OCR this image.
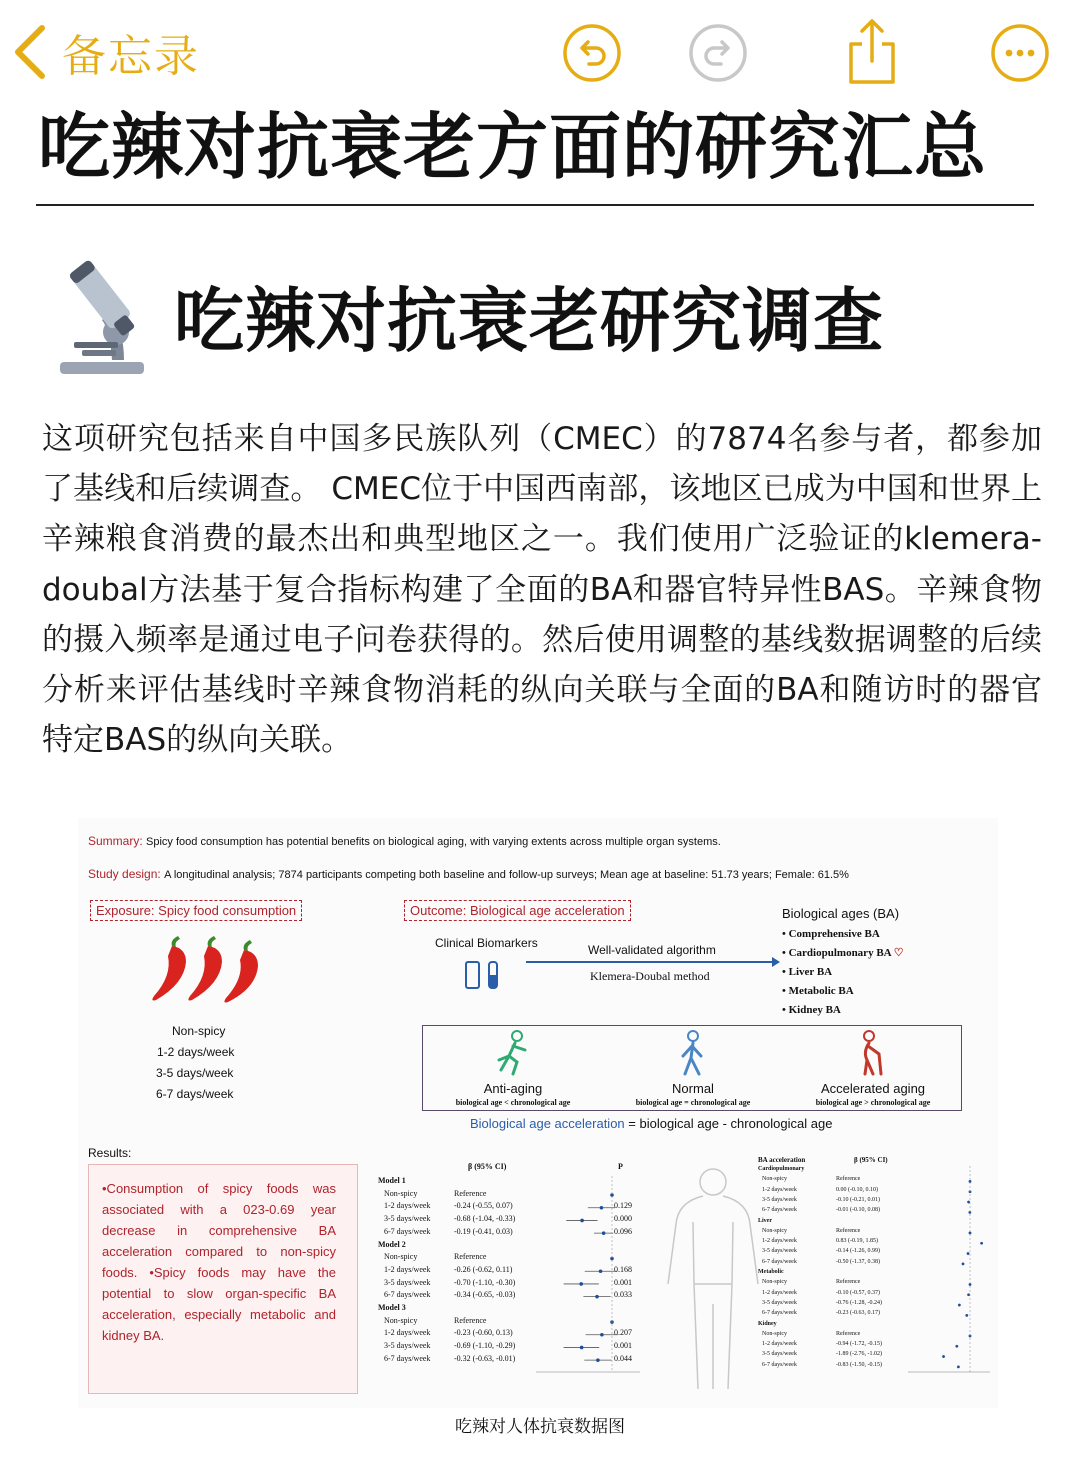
备忘录
吃辣对抗衰老方面的研究汇总
吃辣对抗衰老研究调查
这项研究包括来自中国多民族队列（CMEC）的7874名参与者，都参加了基线和后续调查。 CMEC位于中国西南部，该地区已成为中国和世界上辛辣粮食消费的最杰出和典型地区之一。我们使用广泛验证的klemera-doubal方法基于复合指标构建了全面的BA和器官特异性BAS。辛辣食物的摄入频率是通过电子问卷获得的。然后使用调整的基线数据调整的后续分析来评估基线时辛辣食物消耗的纵向关联与全面的BA和随访时的器官特定BAS的纵向关联。
Summary: Spicy food consumption has potential benefits on biological aging, with varying extents across multiple organ systems.
Study design: A longitudinal analysis; 7874 participants competing both baseline and follow-up surveys; Mean age at baseline: 51.73 years; Female: 61.5%
Exposure: Spicy food consumption	Outcome: Biological age acceleration
Non-spicy
1-2 days/week
3-5 days/week
6-7 days/week
Clinical Biomarkers	Well-validated algorithm
Klemera-Doubal method
Biological ages (BA)
• Comprehensive BA
• Cardiopulmonary BA ♡
• Liver BA
• Metabolic BA
• Kidney BA
Anti-aging
biological age < chronological age
Normal
biological age = chronological age
Accelerated aging
biological age > chronological age
Biological age acceleration = biological age - chronological age
Results:
•Consumption of spicy foods was associated with a 023-0.69 year decrease in comprehensive BA acceleration compared to non-spicy foods. •Spicy foods may have the potential to slow organ-specific BA acceleration, especially metabolic and kidney BA.
β (95% CI)	P
Model 1
Non-spicy	Reference
1-2 days/week	-0.24 (-0.55, 0.07)	0.129
3-5 days/week	-0.68 (-1.04, -0.33)	0.000
6-7 days/week	-0.19 (-0.41, 0.03)	0.096
Model 2
Non-spicy	Reference
1-2 days/week	-0.26 (-0.62, 0.11)	0.168
3-5 days/week	-0.70 (-1.10, -0.30)	0.001
6-7 days/week	-0.34 (-0.65, -0.03)	0.033
Model 3
Non-spicy	Reference
1-2 days/week	-0.23 (-0.60, 0.13)	0.207
3-5 days/week	-0.69 (-1.10, -0.29)	0.001
6-7 days/week	-0.32 (-0.63, -0.01)	0.044
BA acceleration	β (95% CI)
Cardiopulmonary
Non-spicy	Reference
1-2 days/week	0.00 (-0.10, 0.10)
3-5 days/week	-0.10 (-0.21, 0.01)
6-7 days/week	-0.01 (-0.10, 0.08)
Liver
Non-spicy	Reference
1-2 days/week	0.83 (-0.19, 1.85)
3-5 days/week	-0.14 (-1.26, 0.99)
6-7 days/week	-0.50 (-1.37, 0.38)
Metabolic
Non-spicy	Reference
1-2 days/week	-0.10 (-0.57, 0.37)
3-5 days/week	-0.76 (-1.28, -0.24)
6-7 days/week	-0.23 (-0.63, 0.17)
Kidney
Non-spicy	Reference
1-2 days/week	-0.94 (-1.72, -0.15)
3-5 days/week	-1.89 (-2.76, -1.02)
6-7 days/week	-0.83 (-1.50, -0.15)
吃辣对人体抗衰数据图
